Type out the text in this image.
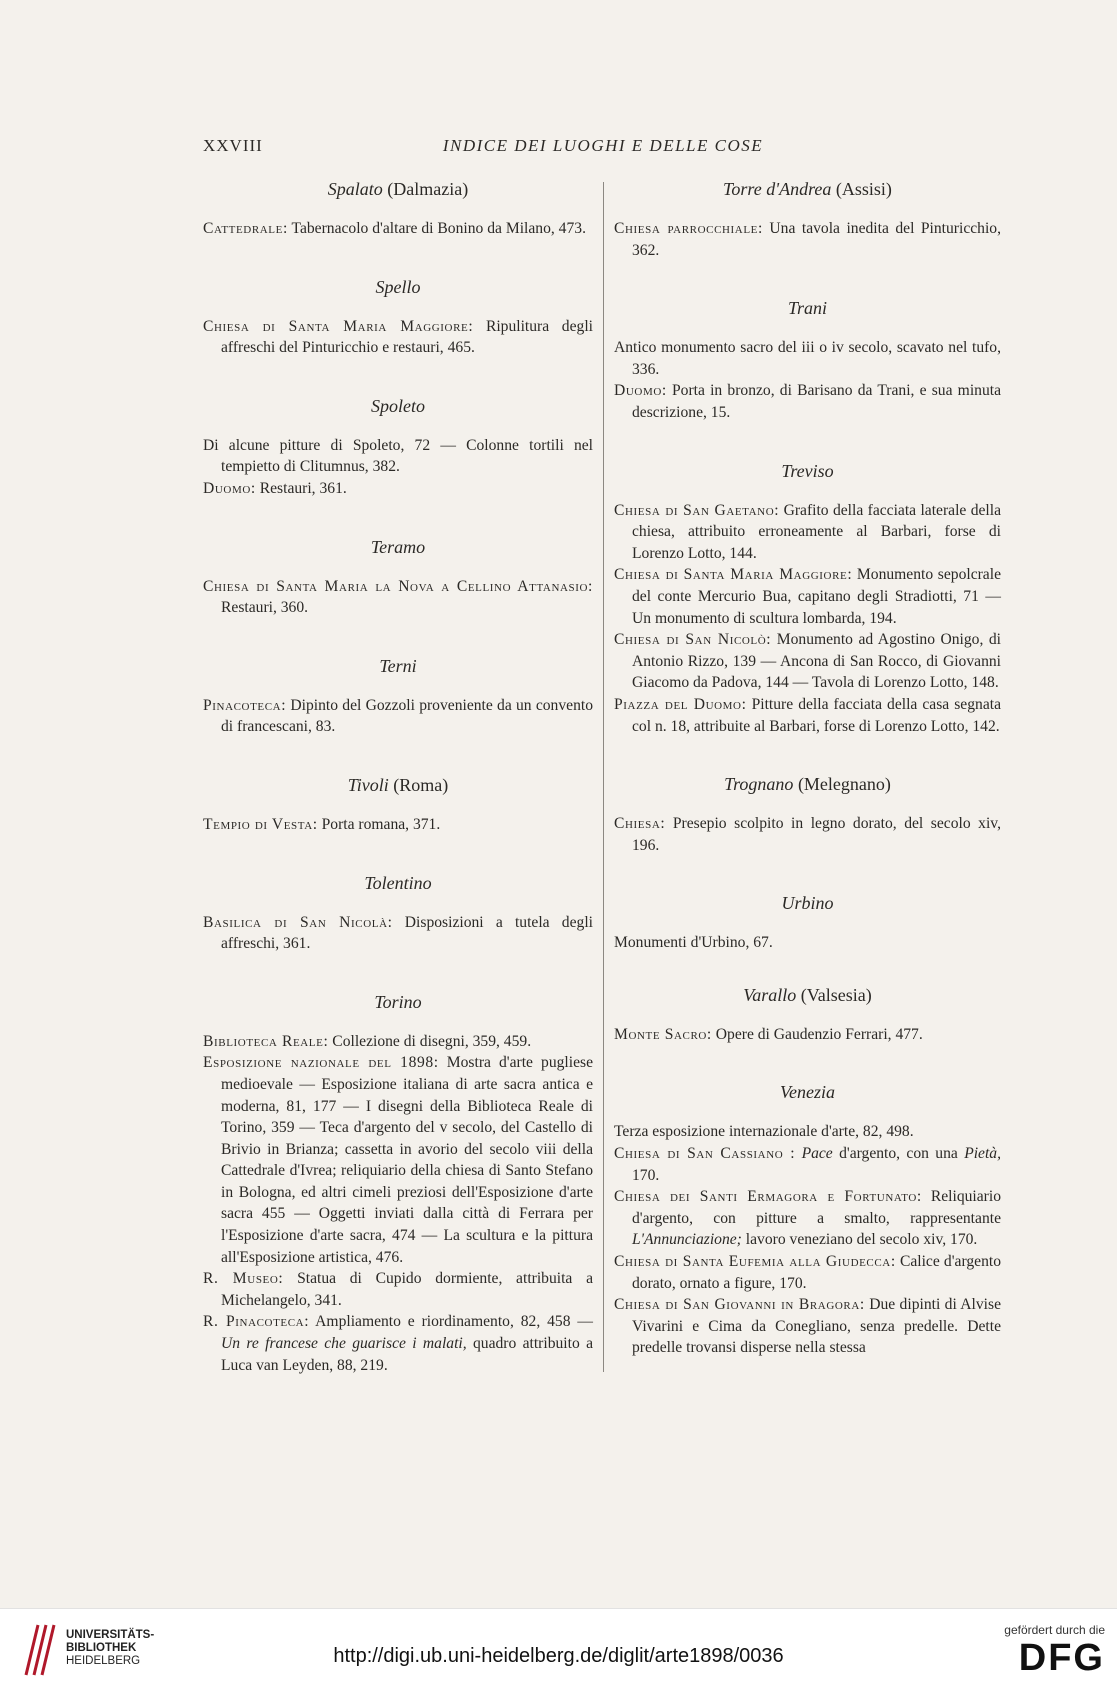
XXVIII	INDICE DEI LUOGHI E DELLE COSE
Spalato (Dalmazia)

Cattedrale: Tabernacolo d'altare di Bonino da Milano, 473.

Spello

Chiesa di Santa Maria Maggiore: Ripulitura degli affreschi del Pinturicchio e restauri, 465.

Spoleto

Di alcune pitture di Spoleto, 72 — Colonne tortili nel tempietto di Clitumnus, 382.

Duomo: Restauri, 361.

Teramo

Chiesa di Santa Maria la Nova a Cellino Attanasio: Restauri, 360.

Terni

Pinacoteca: Dipinto del Gozzoli proveniente da un convento di francescani, 83.

Tivoli (Roma)

Tempio di Vesta: Porta romana, 371.

Tolentino

Basilica di San Nicolà: Disposizioni a tutela degli affreschi, 361.

Torino

Biblioteca Reale: Collezione di disegni, 359, 459.

Esposizione nazionale del 1898: Mostra d'arte pugliese medioevale — Esposizione italiana di arte sacra antica e moderna, 81, 177 — I disegni della Biblioteca Reale di Torino, 359 — Teca d'argento del v secolo, del Castello di Brivio in Brianza; cassetta in avorio del secolo viii della Cattedrale d'Ivrea; reliquiario della chiesa di Santo Stefano in Bologna, ed altri cimeli preziosi dell'Esposizione d'arte sacra 455 — Oggetti inviati dalla città di Ferrara per l'Esposizione d'arte sacra, 474 — La scultura e la pittura all'Esposizione artistica, 476.

R. Museo: Statua di Cupido dormiente, attribuita a Michelangelo, 341.

R. Pinacoteca: Ampliamento e riordinamento, 82, 458 — Un re francese che guarisce i malati, quadro attribuito a Luca van Leyden, 88, 219.

Torre d'Andrea (Assisi)

Chiesa parrocchiale: Una tavola inedita del Pinturicchio, 362.

Trani

Antico monumento sacro del iii o iv secolo, scavato nel tufo, 336.

Duomo: Porta in bronzo, di Barisano da Trani, e sua minuta descrizione, 15.

Treviso

Chiesa di San Gaetano: Grafito della facciata laterale della chiesa, attribuito erroneamente al Barbari, forse di Lorenzo Lotto, 144.

Chiesa di Santa Maria Maggiore: Monumento sepolcrale del conte Mercurio Bua, capitano degli Stradiotti, 71 — Un monumento di scultura lombarda, 194.

Chiesa di San Nicolò: Monumento ad Agostino Onigo, di Antonio Rizzo, 139 — Ancona di San Rocco, di Giovanni Giacomo da Padova, 144 — Tavola di Lorenzo Lotto, 148.

Piazza del Duomo: Pitture della facciata della casa segnata col n. 18, attribuite al Barbari, forse di Lorenzo Lotto, 142.

Trognano (Melegnano)

Chiesa: Presepio scolpito in legno dorato, del secolo xiv, 196.

Urbino

Monumenti d'Urbino, 67.

Varallo (Valsesia)

Monte Sacro: Opere di Gaudenzio Ferrari, 477.

Venezia

Terza esposizione internazionale d'arte, 82, 498.

Chiesa di San Cassiano : Pace d'argento, con una Pietà, 170.

Chiesa dei Santi Ermagora e Fortunato: Reliquiario d'argento, con pitture a smalto, rappresentante L'Annunciazione; lavoro veneziano del secolo xiv, 170.

Chiesa di Santa Eufemia alla Giudecca: Calice d'argento dorato, ornato a figure, 170.

Chiesa di San Giovanni in Bragora: Due dipinti di Alvise Vivarini e Cima da Conegliano, senza predelle. Dette predelle trovansi disperse nella stessa

UNIVERSITÄTS-
BIBLIOTHEK
HEIDELBERG	http://digi.ub.uni-heidelberg.de/diglit/arte1898/0036
gefördert durch die
DFG
